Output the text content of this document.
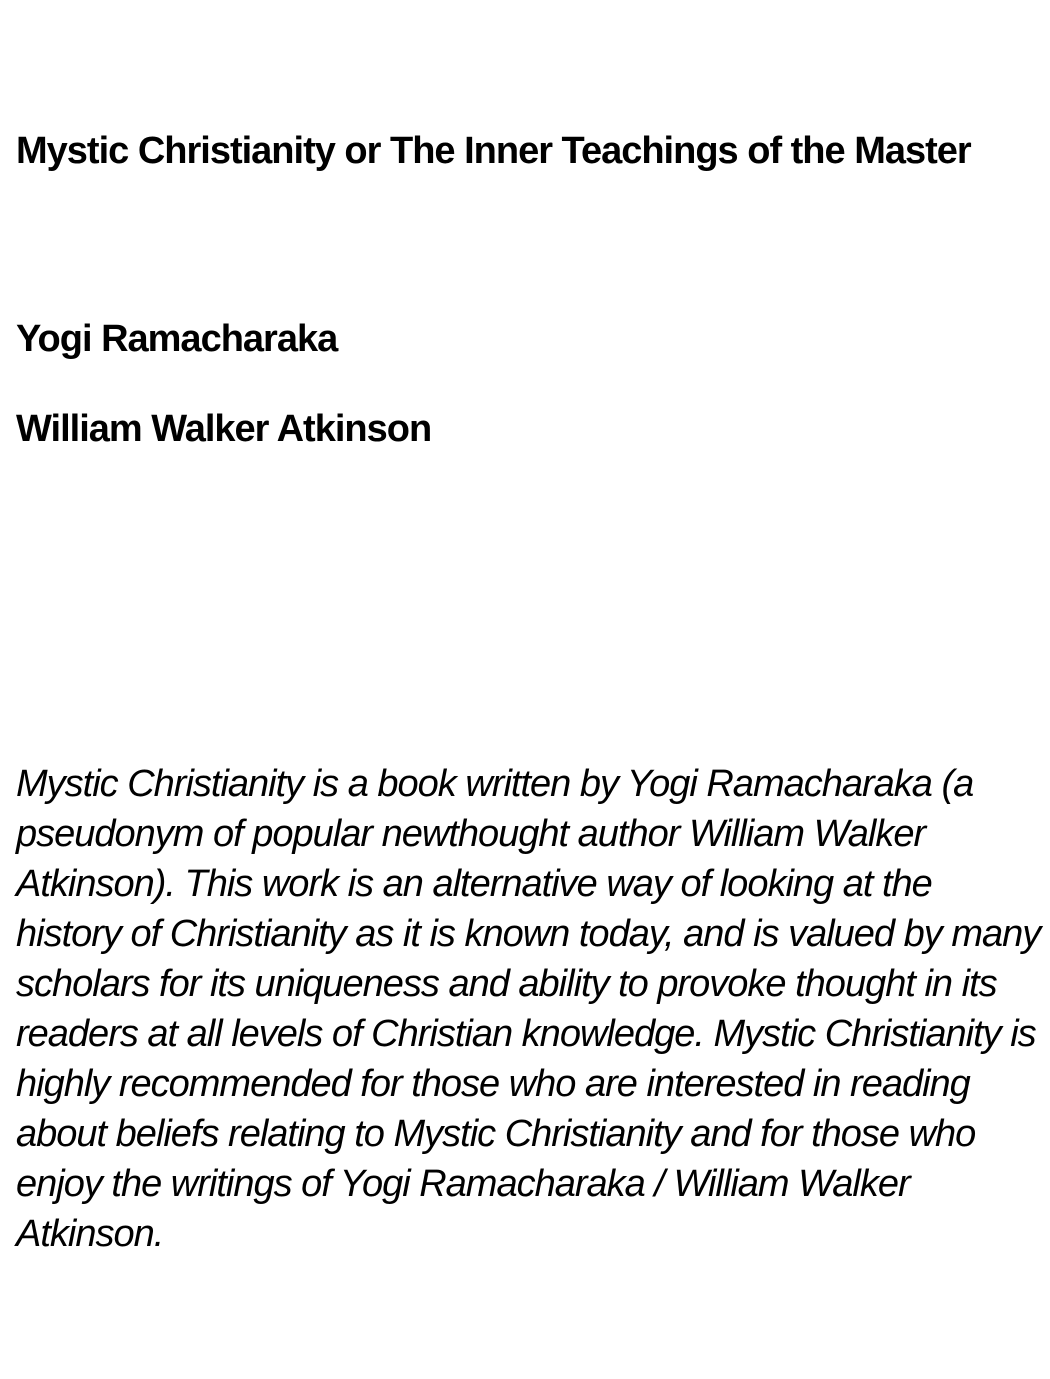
Mystic Christianity or The Inner Teachings of the Master

Yogi Ramacharaka

William Walker Atkinson

Mystic Christianity is a book written by Yogi Ramacharaka (a pseudonym of popular newthought author William Walker Atkinson). This work is an alternative way of looking at the history of Christianity as it is known today, and is valued by many scholars for its uniqueness and ability to provoke thought in its readers at all levels of Christian knowledge. Mystic Christianity is highly recommended for those who are interested in reading about beliefs relating to Mystic Christianity and for those who enjoy the writings of Yogi Ramacharaka / William Walker Atkinson.
